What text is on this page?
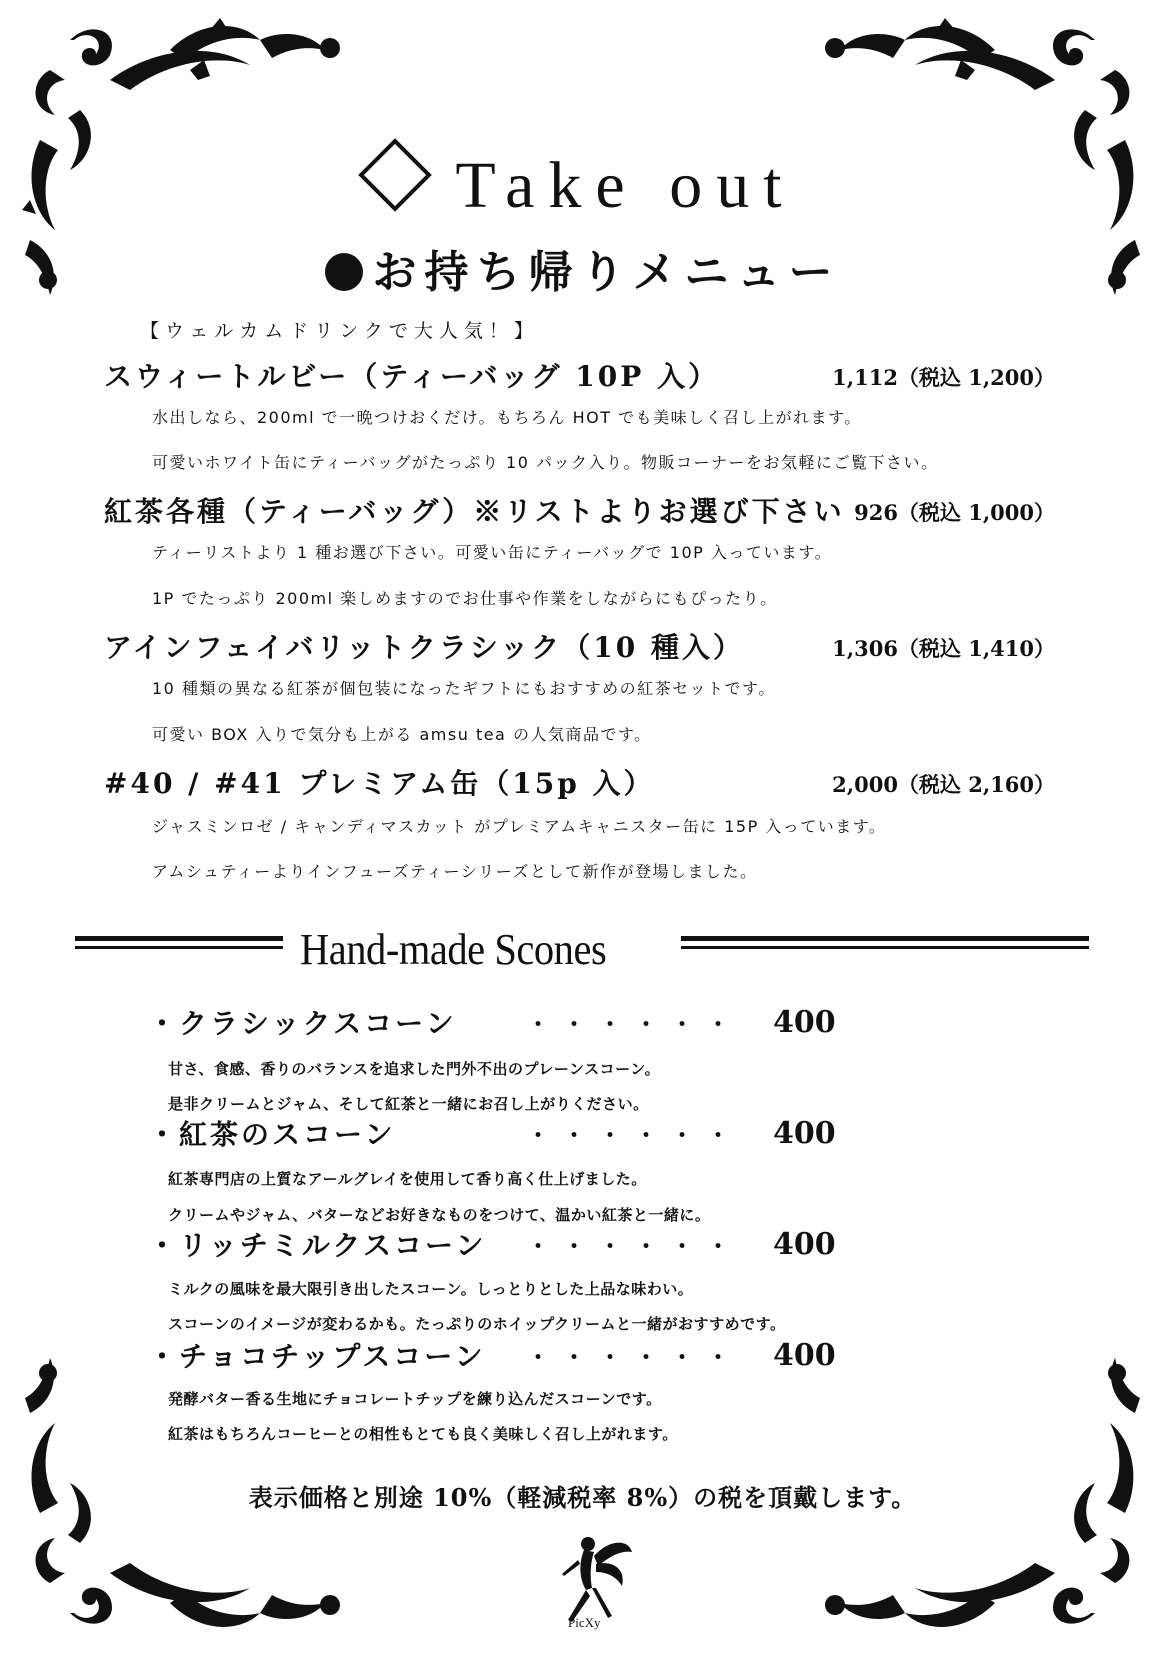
Take out
お持ち帰りメニュー
【ウェルカムドリンクで大人気！】
スウィートルビー（ティーバッグ 10P 入）	1,112（税込 1,200）
水出しなら、200ml で一晩つけおくだけ。もちろん HOT でも美味しく召し上がれます。
可愛いホワイト缶にティーバッグがたっぷり 10 パック入り。物販コーナーをお気軽にご覧下さい。
紅茶各種（ティーバッグ）※リストよりお選び下さい 926（税込 1,000）
ティーリストより 1 種お選び下さい。可愛い缶にティーバッグで 10P 入っています。
1P でたっぷり 200ml 楽しめますのでお仕事や作業をしながらにもぴったり。
アインフェイバリットクラシック（10 種入）	1,306（税込 1,410）
10 種類の異なる紅茶が個包装になったギフトにもおすすめの紅茶セットです。
可愛い BOX 入りで気分も上がる amsu tea の人気商品です。
#40 / #41 プレミアム缶（15p 入）	2,000（税込 2,160）
ジャスミンロゼ / キャンディマスカット がプレミアムキャニスター缶に 15P 入っています。
アムシュティーよりインフューズティーシリーズとして新作が登場しました。
Hand-made Scones
・クラシックスコーン	・・・・・・ 400
甘さ、食感、香りのバランスを追求した門外不出のプレーンスコーン。
是非クリームとジャム、そして紅茶と一緒にお召し上がりください。
・紅茶のスコーン	・・・・・・ 400
紅茶専門店の上質なアールグレイを使用して香り高く仕上げました。
クリームやジャム、バターなどお好きなものをつけて、温かい紅茶と一緒に。
・リッチミルクスコーン ・・・・・・ 400
ミルクの風味を最大限引き出したスコーン。しっとりとした上品な味わい。
スコーンのイメージが変わるかも。たっぷりのホイップクリームと一緒がおすすめです。
・チョコチップスコーン ・・・・・・ 400
発酵バター香る生地にチョコレートチップを練り込んだスコーンです。
紅茶はもちろんコーヒーとの相性もとても良く美味しく召し上がれます。
表示価格と別途 10%（軽減税率 8%）の税を頂戴します。
PicXy
